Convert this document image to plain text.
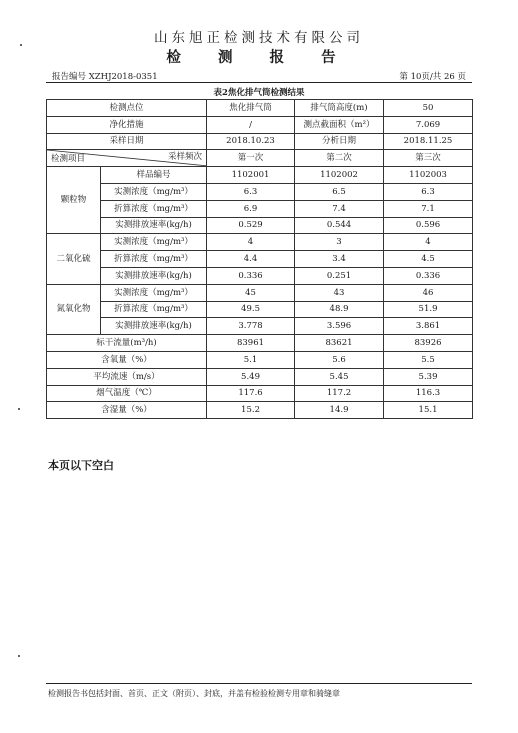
山东旭正检测技术有限公司
检 测 报 告
报告编号 XZHJ2018-0351	第 10页/共 26 页
表2焦化排气筒检测结果
检测点位		焦化排气筒	排气筒高度(m)	50
净化措施		/	测点截面积（m²）	7.069
采样日期		2018.10.23	分析日期	2018.11.25

采样频次
检测项目		第一次	第二次	第三次
颗粒物	样品编号	1102001	1102002	1102003
	实测浓度（mg/m³）	6.3	6.5	6.3
	折算浓度（mg/m³）	6.9	7.4	7.1
	实测排放速率(kg/h)	0.529	0.544	0.596
二氧化硫	实测浓度（mg/m³）	4	3	4
	折算浓度（mg/m³）	4.4	3.4	4.5
	实测排放速率(kg/h)	0.336	0.251	0.336
氮氧化物	实测浓度（mg/m³）	45	43	46
	折算浓度（mg/m³）	49.5	48.9	51.9
	实测排放速率(kg/h)	3.778	3.596	3.861
标干流量(m³/h)		83961	83621	83926
含氧量（%）		5.1	5.6	5.5
平均流速（m/s）		5.49	5.45	5.39
烟气温度（℃）		117.6	117.2	116.3
含湿量（%）		15.2	14.9	15.1
本页以下空白
检测报告书包括封面、首页、正文（附页）、封底，并盖有检验检测专用章和骑缝章
